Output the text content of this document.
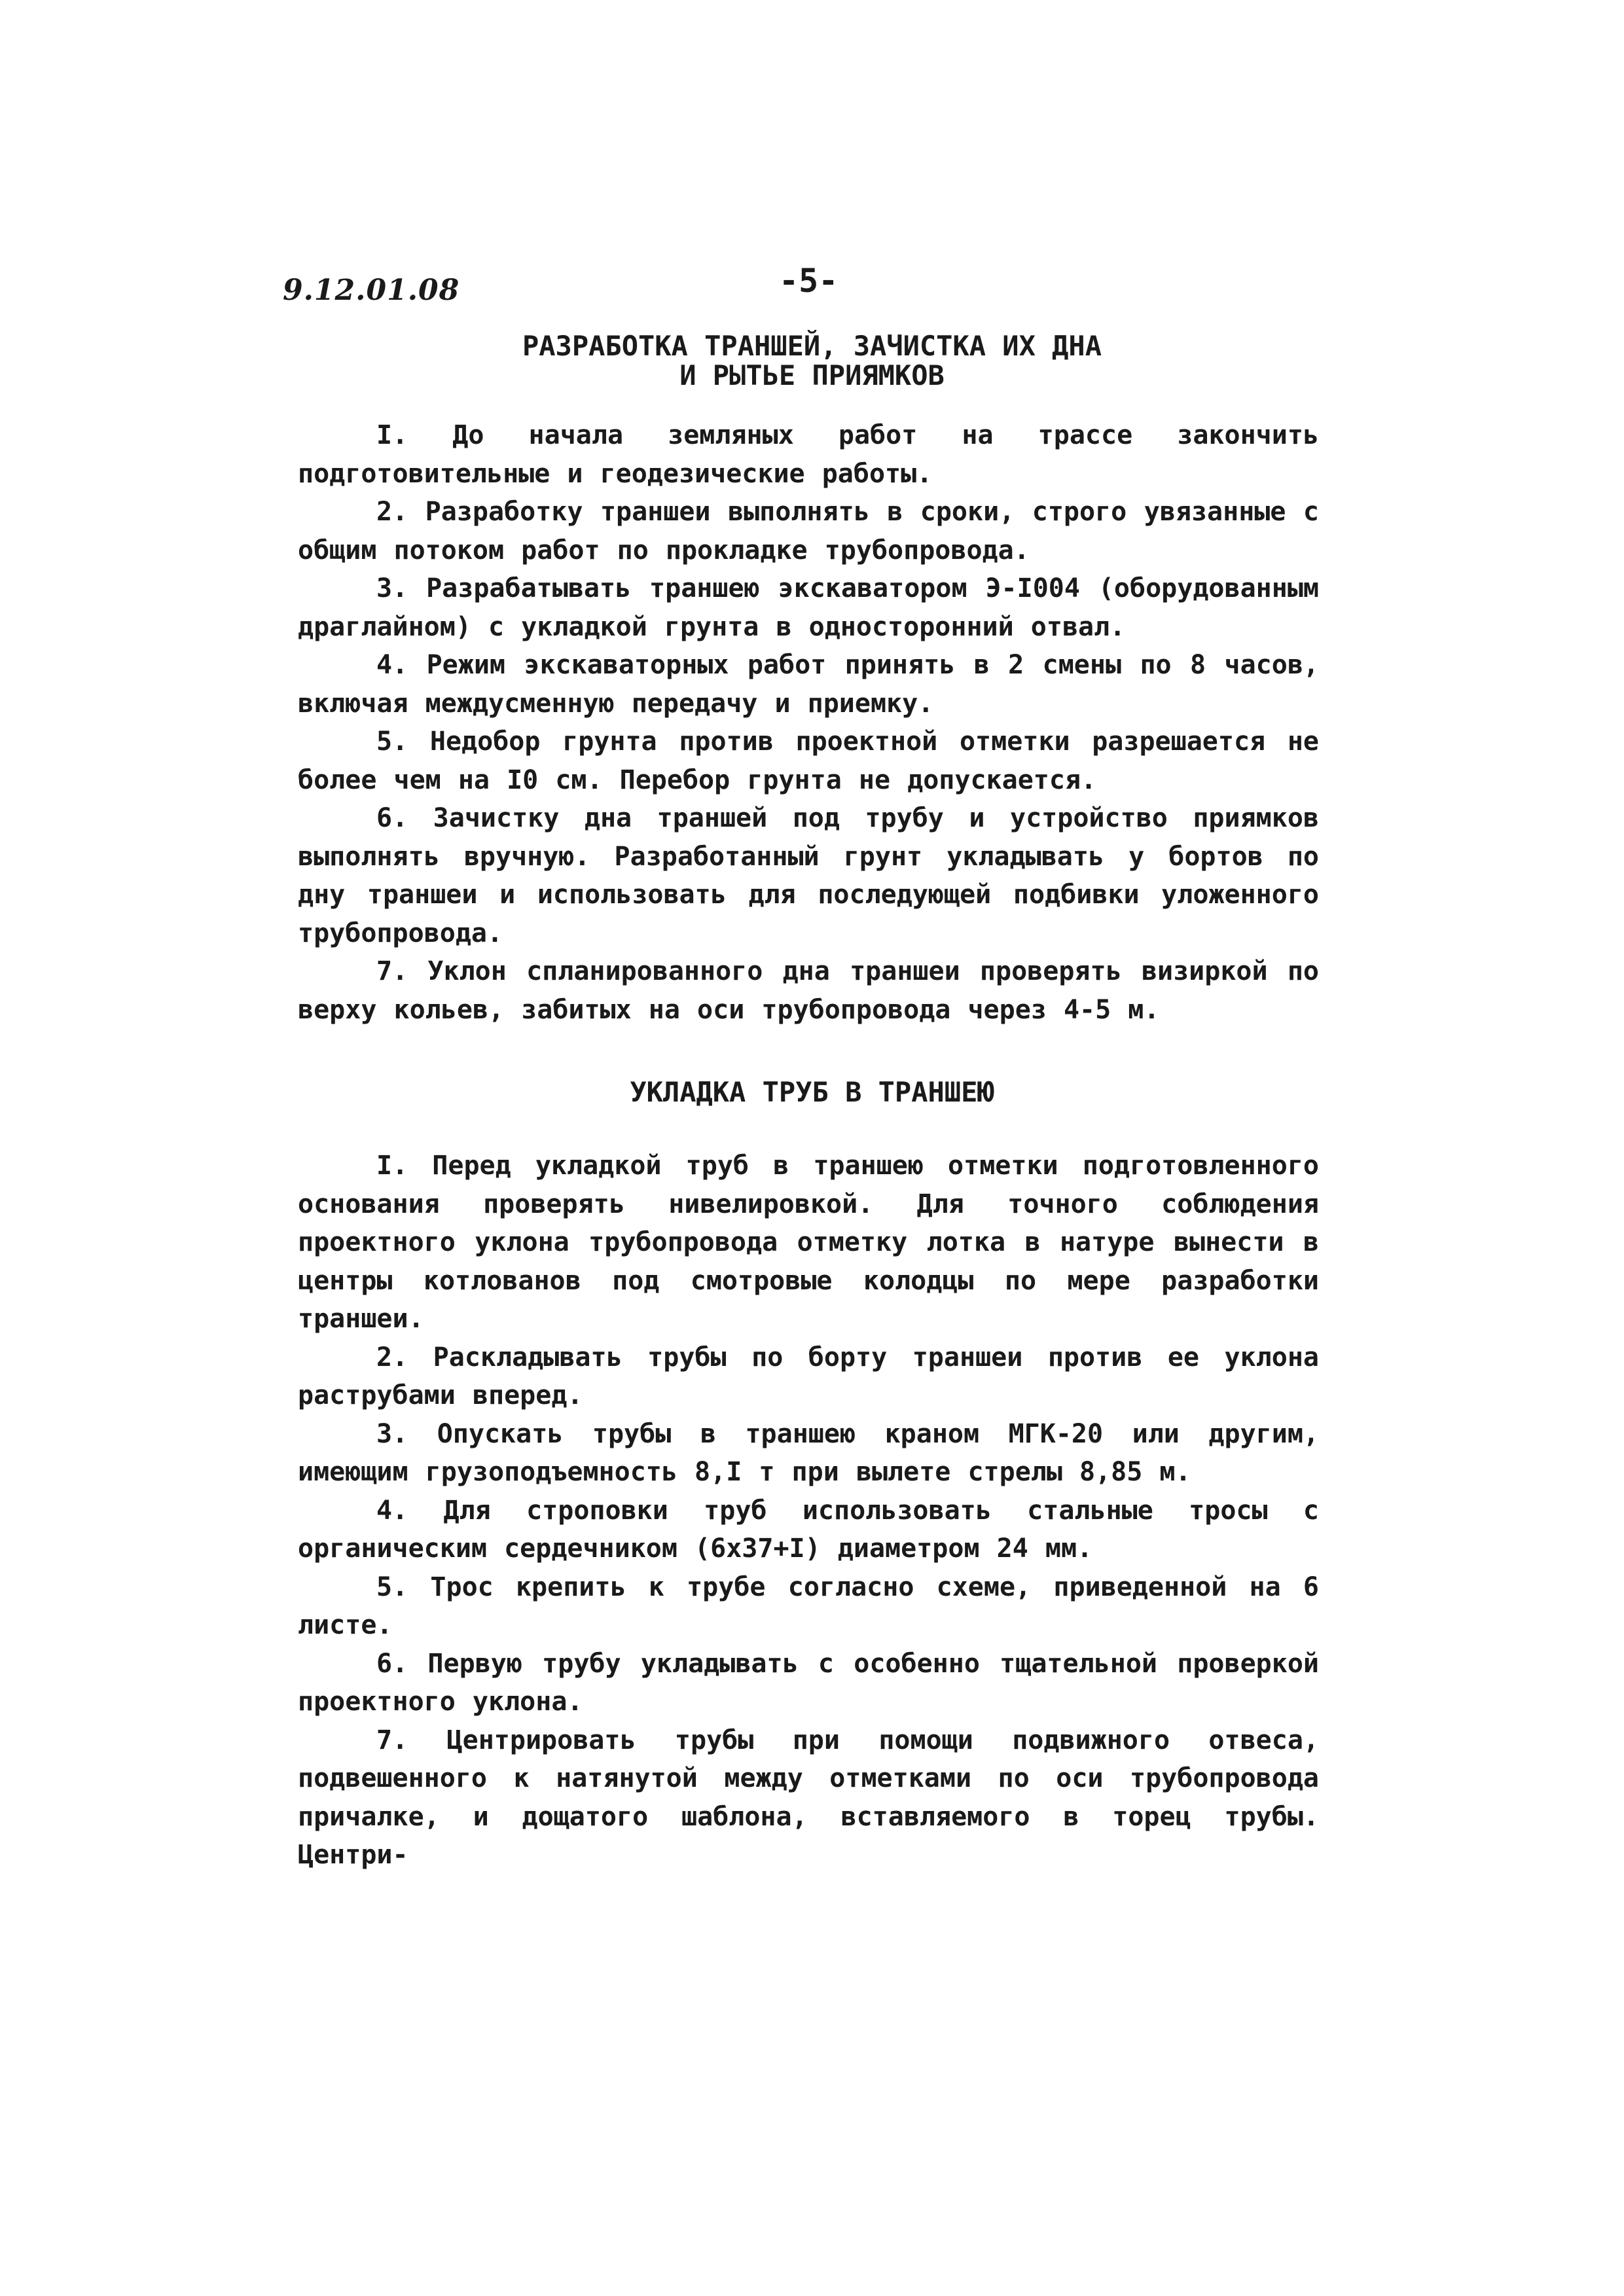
9.12.01.08	-5-
РАЗРАБОТКА ТРАНШЕЙ, ЗАЧИСТКА ИХ ДНА
И РЫТЬЕ ПРИЯМКОВ

I. До начала земляных работ на трассе закончить подготовительные и геодезические работы.

2. Разработку траншеи выполнять в сроки, строго увязанные с общим потоком работ по прокладке трубопровода.

3. Разрабатывать траншею экскаватором Э-I004 (оборудованным драглайном) с укладкой грунта в односторонний отвал.

4. Режим экскаваторных работ принять в 2 смены по 8 часов, включая междусменную передачу и приемку.

5. Недобор грунта против проектной отметки разрешается не более чем на I0 см. Перебор грунта не допускается.

6. Зачистку дна траншей под трубу и устройство приямков выполнять вручную. Разработанный грунт укладывать у бортов по дну траншеи и использовать для последующей подбивки уложенного трубопровода.

7. Уклон спланированного дна траншеи проверять визиркой по верху кольев, забитых на оси трубопровода через 4-5 м.

УКЛАДКА ТРУБ В ТРАНШЕЮ

I. Перед укладкой труб в траншею отметки подготовленного основания проверять нивелировкой. Для точного соблюдения проектного уклона трубопровода отметку лотка в натуре вынести в центры котлованов под смотровые колодцы по мере разработки траншеи.

2. Раскладывать трубы по борту траншеи против ее уклона раструбами вперед.

3. Опускать трубы в траншею краном МГК-20 или другим, имеющим грузоподъемность 8,I т при вылете стрелы 8,85 м.

4. Для строповки труб использовать стальные тросы с органическим сердечником (6х37+I) диаметром 24 мм.

5. Трос крепить к трубе согласно схеме, приведенной на 6 листе.

6. Первую трубу укладывать с особенно тщательной проверкой проектного уклона.

7. Центрировать трубы при помощи подвижного отвеса, подвешенного к натянутой между отметками по оси трубопровода причалке, и дощатого шаблона, вставляемого в торец трубы. Центри-
